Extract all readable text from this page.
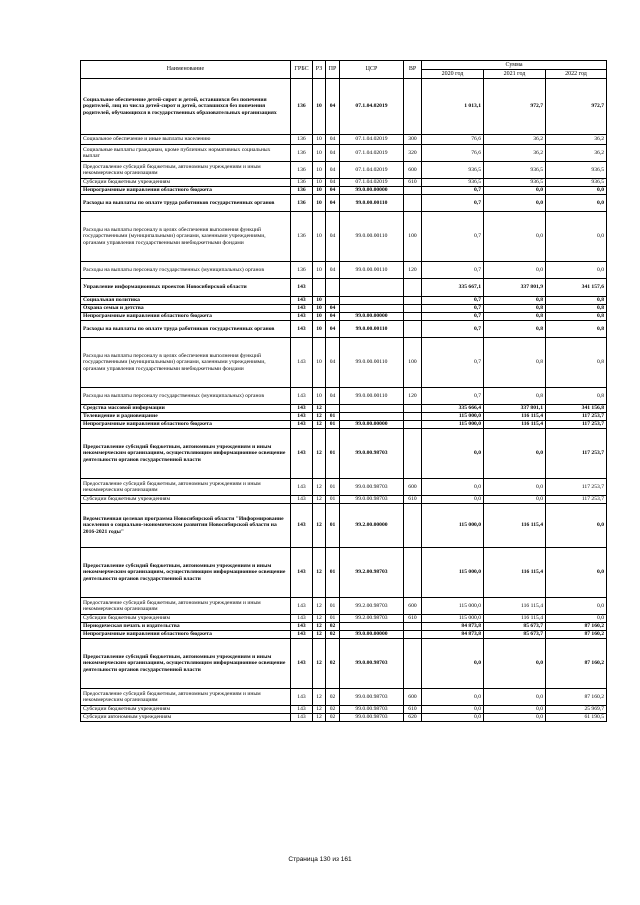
Наименование	ГРБС	РЗ	ПР	ЦСР	ВР	Сумма		
						2020 год	2021 год	2022 год
Социальное обеспечение детей-сирот и детей, оставшихся без попечения родителей, лиц из числа детей-сирот и детей, оставшихся без попечения родителей, обучающихся в государственных образовательных организациях	136	10	04	07.1.04.02019		1 013,1	972,7	972,7
Социальное обеспечение и иные выплаты населению	136	10	04	07.1.04.02019	300	76,6	36,2	36,2
Социальные выплаты гражданам, кроме публичных нормативных социальных выплат	136	10	04	07.1.04.02019	320	76,6	36,2	36,2
Предоставление субсидий бюджетным, автономным учреждениям и иным некоммерческим организациям	136	10	04	07.1.04.02019	600	936,5	936,5	936,5
Субсидии бюджетным учреждениям	136	10	04	07.1.04.02019	610	936,5	936,5	936,5
Непрограммные направления областного бюджета	136	10	04	99.0.00.00000		0,7	0,0	0,0
Расходы на выплаты по оплате труда работников государственных органов	136	10	04	99.0.00.00110		0,7	0,0	0,0
Расходы на выплаты персоналу в целях обеспечения выполнения функций государственными (муниципальными) органами, казенными учреждениями, органами управления государственными внебюджетными фондами	136	10	04	99.0.00.00110	100	0,7	0,0	0,0
Расходы на выплаты персоналу государственных (муниципальных) органов	136	10	04	99.0.00.00110	120	0,7	0,0	0,0
Управление информационных проектов Новосибирской области	143					335 667,1	337 801,9	341 157,6
Социальная политика	143	10				0,7	0,8	0,8
Охрана семьи и детства	143	10	04			0,7	0,8	0,8
Непрограммные направления областного бюджета	143	10	04	99.0.00.00000		0,7	0,8	0,8
Расходы на выплаты по оплате труда работников государственных органов	143	10	04	99.0.00.00110		0,7	0,8	0,8
Расходы на выплаты персоналу в целях обеспечения выполнения функций государственными (муниципальными) органами, казенными учреждениями, органами управления государственными внебюджетными фондами	143	10	04	99.0.00.00110	100	0,7	0,8	0,8
Расходы на выплаты персоналу государственных (муниципальных) органов	143	10	04	99.0.00.00110	120	0,7	0,8	0,8
Средства массовой информации	143	12				335 666,4	337 801,1	341 156,8
Телевидение и радиовещание	143	12	01			115 000,0	116 115,4	117 253,7
Непрограммные направления областного бюджета	143	12	01	99.0.00.00000		115 000,0	116 115,4	117 253,7
Предоставление субсидий бюджетным, автономным учреждениям и иным некоммерческим организациям, осуществляющим информационное освещение деятельности органов государственной власти	143	12	01	99.0.00.98703		0,0	0,0	117 253,7
Предоставление субсидий бюджетным, автономным учреждениям и иным некоммерческим организациям	143	12	01	99.0.00.98703	600	0,0	0,0	117 253,7
Субсидии бюджетным учреждениям	143	12	01	99.0.00.98703	610	0,0	0,0	117 253,7
Ведомственная целевая программа Новосибирской области "Информирование населения о социально-экономическом развитии Новосибирской области на 2016-2021 годы"	143	12	01	99.2.00.00000		115 000,0	116 115,4	0,0
Предоставление субсидий бюджетным, автономным учреждениям и иным некоммерческим организациям, осуществляющим информационное освещение деятельности органов государственной власти	143	12	01	99.2.00.98703		115 000,0	116 115,4	0,0
Предоставление субсидий бюджетным, автономным учреждениям и иным некоммерческим организациям	143	12	01	99.2.00.98703	600	115 000,0	116 115,4	0,0
Субсидии бюджетным учреждениям	143	12	01	99.2.00.98703	610	115 000,0	116 115,4	0,0
Периодическая печать и издательства	143	12	02			84 873,8	85 673,7	87 160,2
Непрограммные направления областного бюджета	143	12	02	99.0.00.00000		84 873,8	85 673,7	87 160,2
Предоставление субсидий бюджетным, автономным учреждениям и иным некоммерческим организациям, осуществляющим информационное освещение деятельности органов государственной власти	143	12	02	99.0.00.98703		0,0	0,0	87 160,2
Предоставление субсидий бюджетным, автономным учреждениям и иным некоммерческим организациям	143	12	02	99.0.00.98703	600	0,0	0,0	87 160,2
Субсидии бюджетным учреждениям	143	12	02	99.0.00.98703	610	0,0	0,0	25 969,7
Субсидии автономным учреждениям	143	12	02	99.0.00.98703	620	0,0	0,0	61 190,5
Страница 130 из 161
